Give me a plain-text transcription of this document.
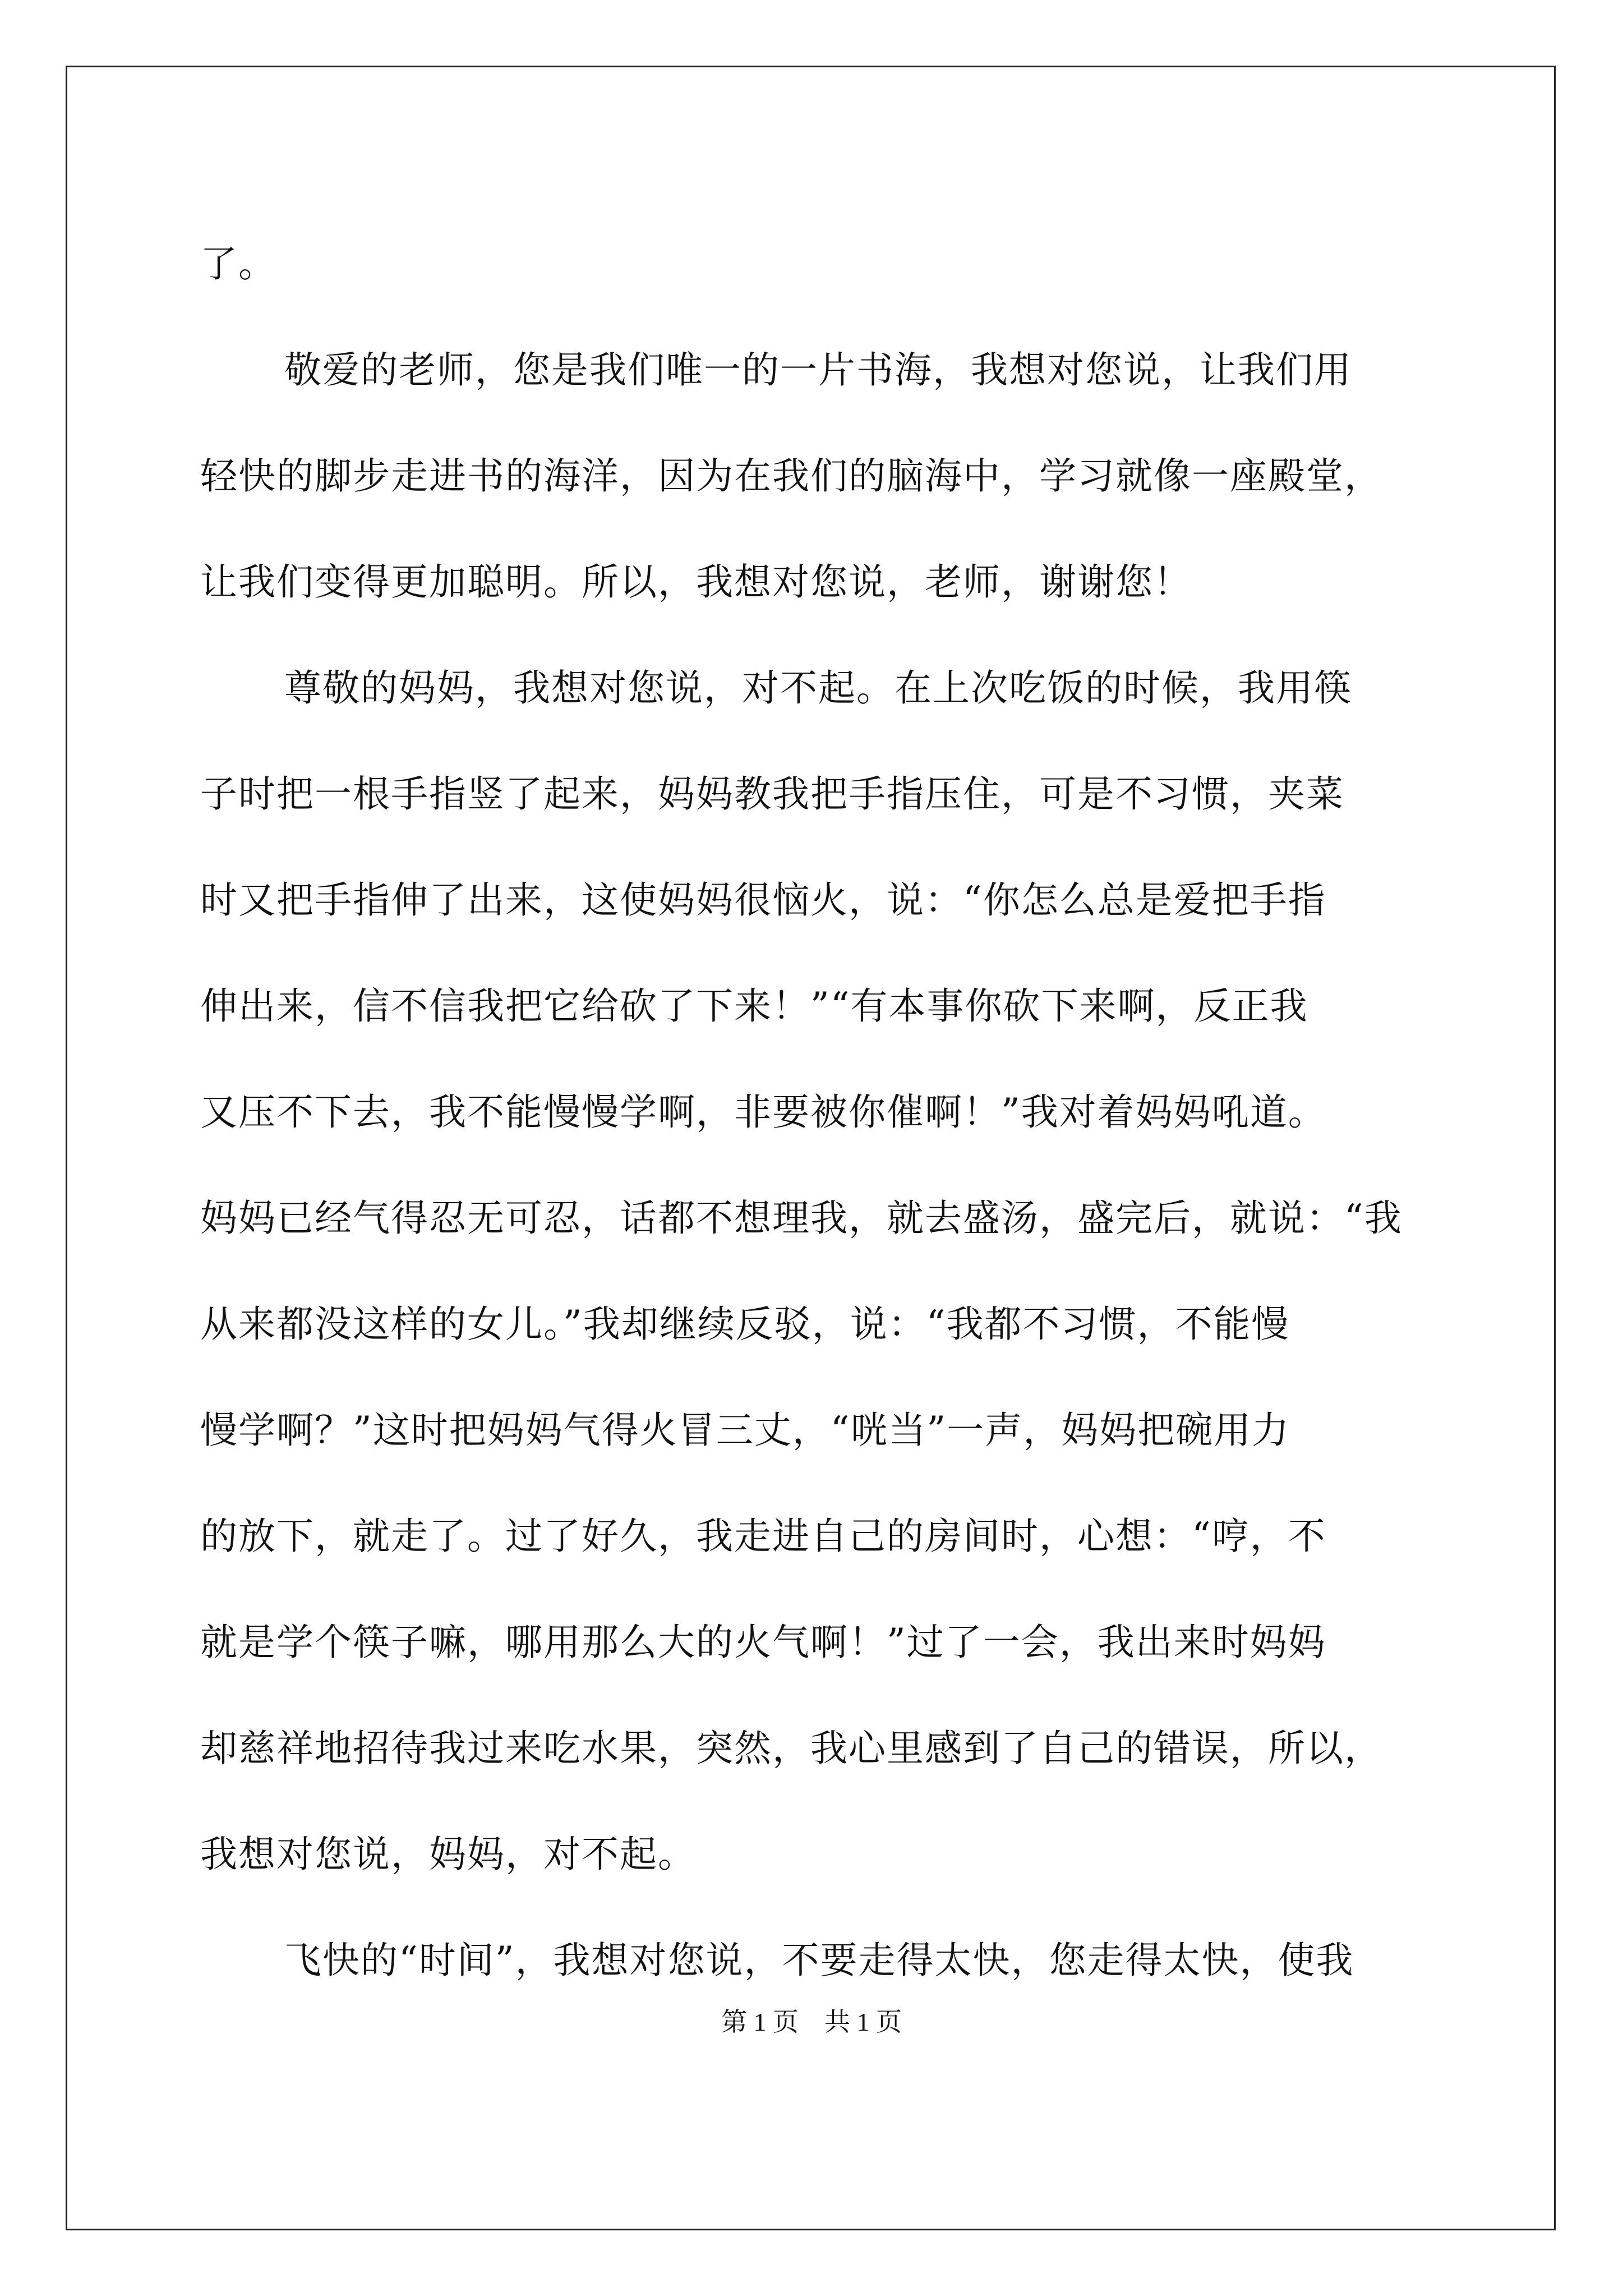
了。
敬爱的老师，您是我们唯一的一片书海，我想对您说，让我们用
轻快的脚步走进书的海洋，因为在我们的脑海中，学习就像一座殿堂，
让我们变得更加聪明。所以，我想对您说，老师，谢谢您！
尊敬的妈妈，我想对您说，对不起。在上次吃饭的时候，我用筷
子时把一根手指竖了起来，妈妈教我把手指压住，可是不习惯，夹菜
时又把手指伸了出来，这使妈妈很恼火，说：“你怎么总是爱把手指
伸出来，信不信我把它给砍了下来！”“有本事你砍下来啊，反正我
又压不下去，我不能慢慢学啊，非要被你催啊！”我对着妈妈吼道。
妈妈已经气得忍无可忍，话都不想理我，就去盛汤，盛完后，就说：“我
从来都没这样的女儿。”我却继续反驳，说：“我都不习惯，不能慢
慢学啊？”这时把妈妈气得火冒三丈，“咣当”一声，妈妈把碗用力
的放下，就走了。过了好久，我走进自己的房间时，心想：“哼，不
就是学个筷子嘛，哪用那么大的火气啊！”过了一会，我出来时妈妈
却慈祥地招待我过来吃水果，突然，我心里感到了自己的错误，所以，
我想对您说，妈妈，对不起。
飞快的“时间”，我想对您说，不要走得太快，您走得太快，使我
第 1 页　共 1 页
